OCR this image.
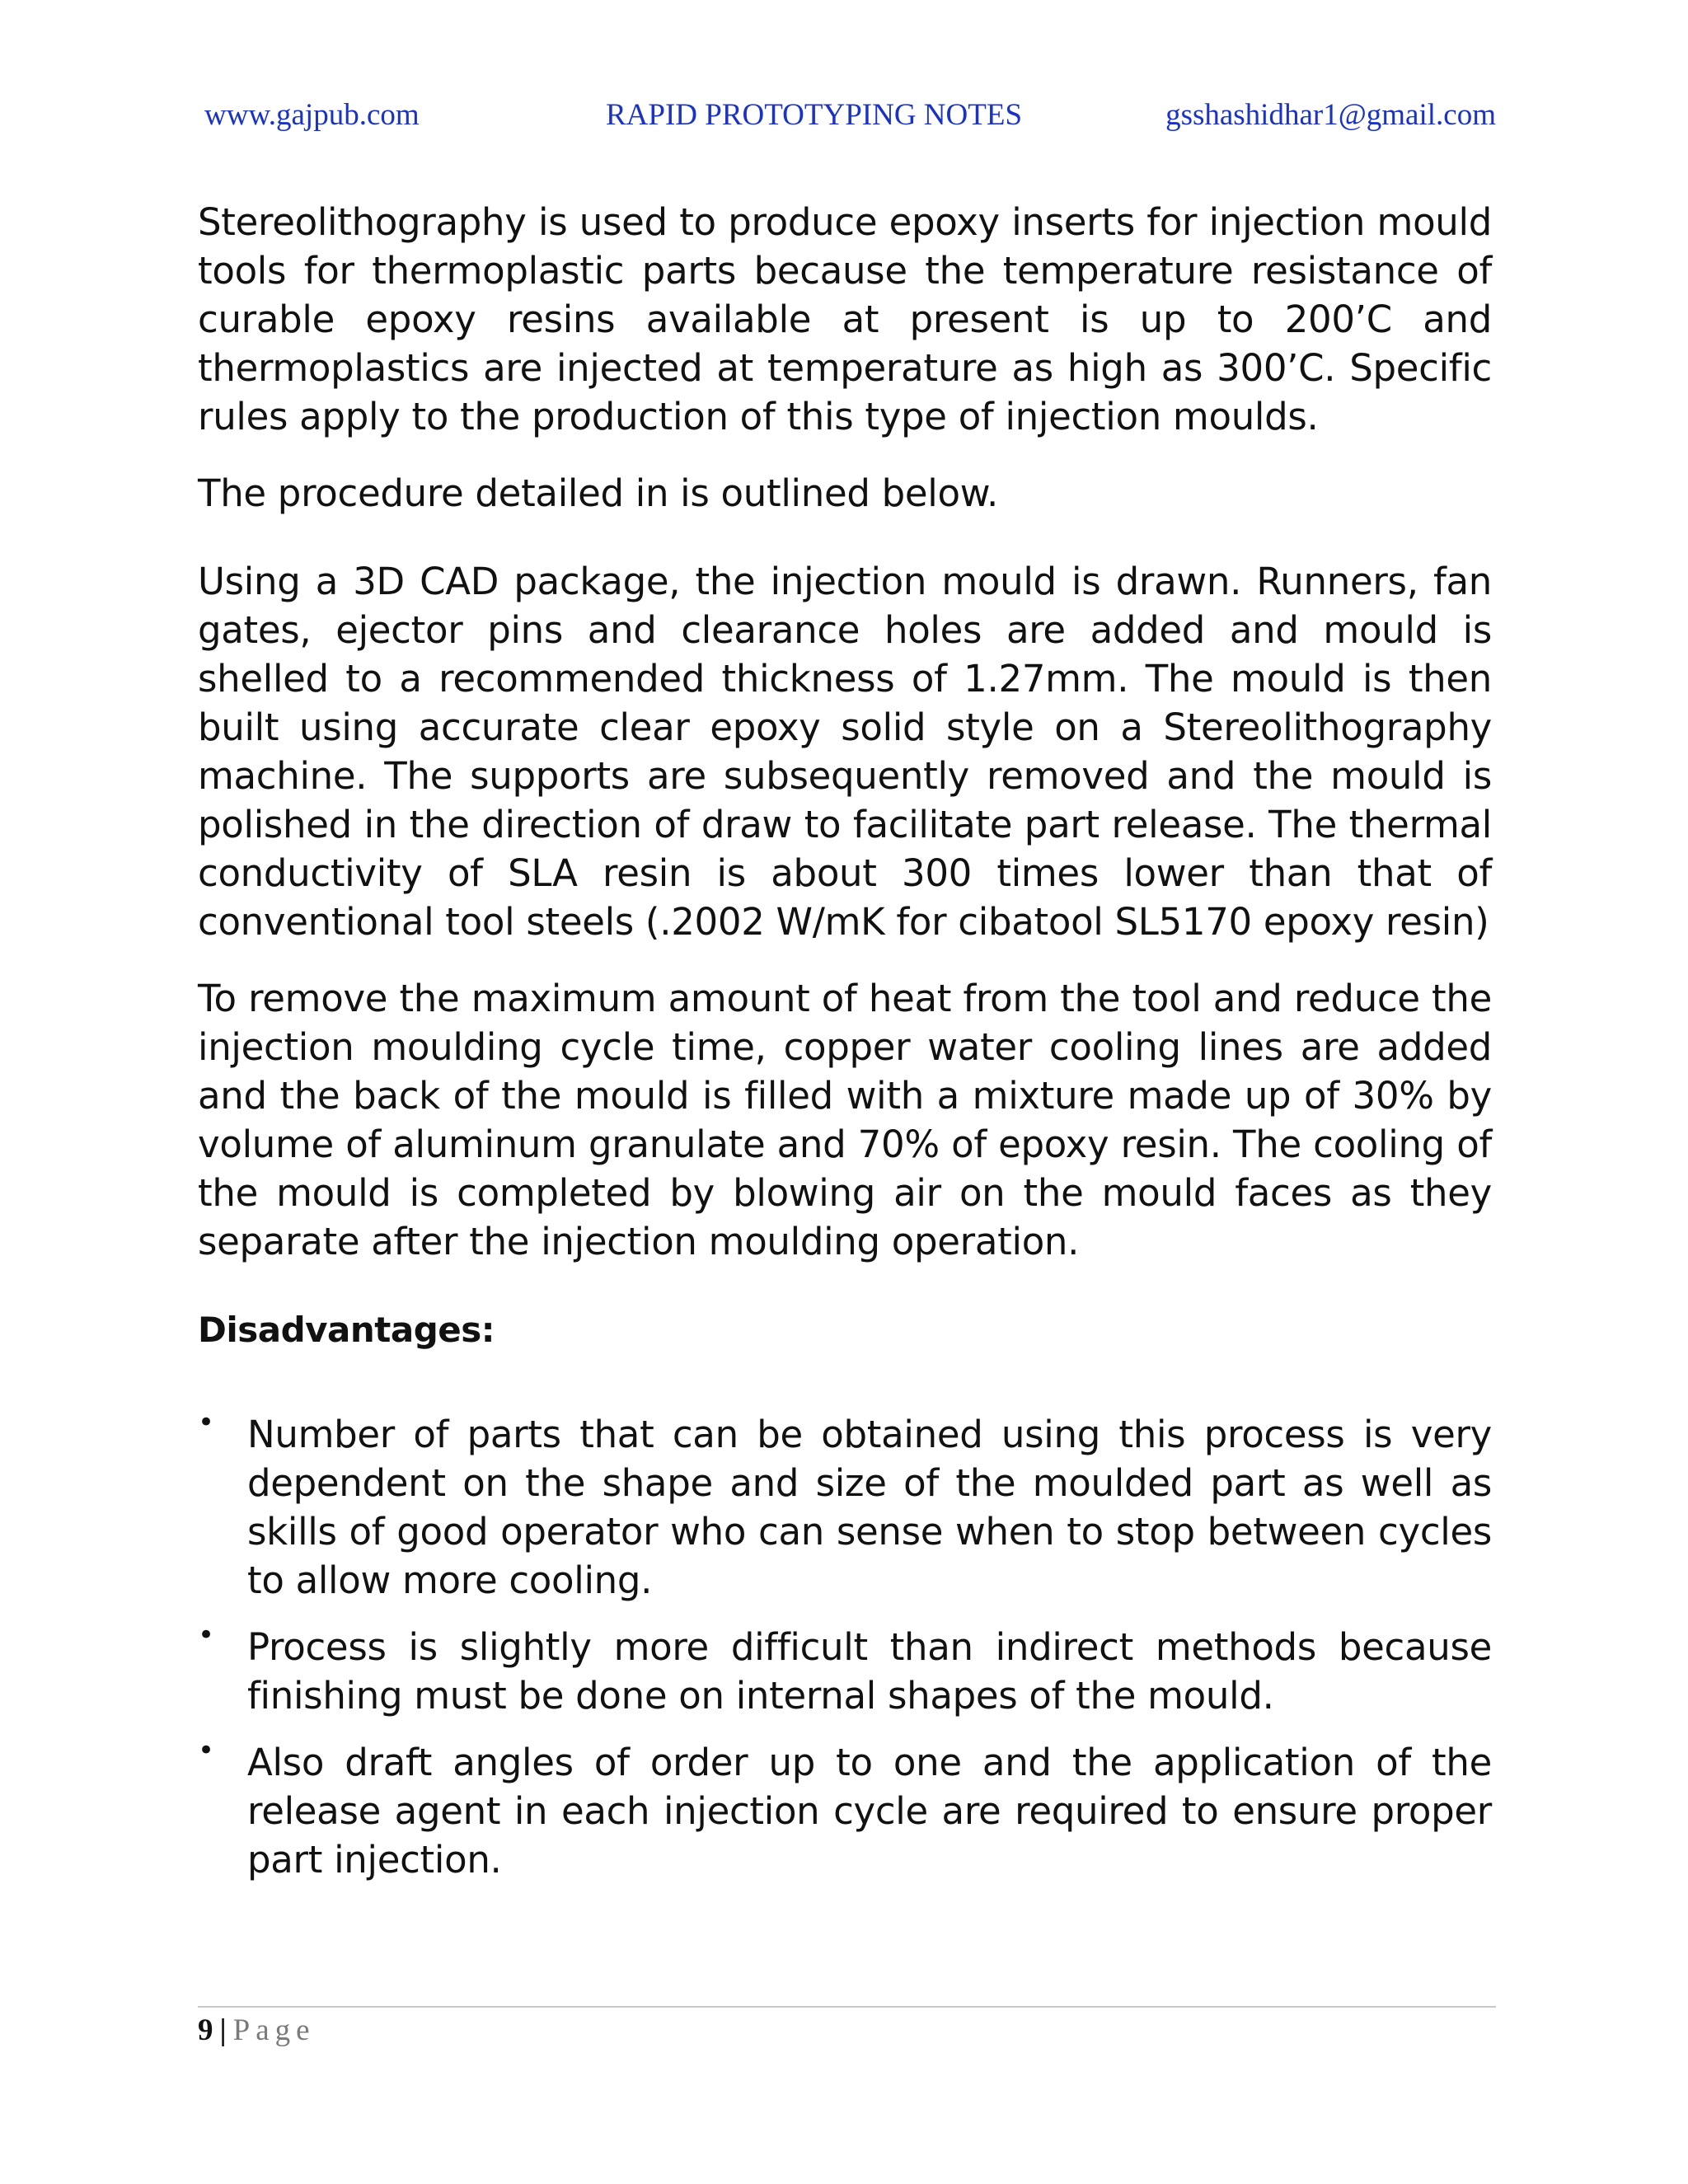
www.gajpub.com	RAPID PROTOTYPING NOTES	gsshashidhar1@gmail.com

Stereolithography is used to produce epoxy inserts for injection mould tools for thermoplastic parts because the temperature resistance of curable epoxy resins available at present is up to 200’C and thermoplastics are injected at temperature as high as 300’C. Specific rules apply to the production of this type of injection moulds.

The procedure detailed in is outlined below.

Using a 3D CAD package, the injection mould is drawn. Runners, fan gates, ejector pins and clearance holes are added and mould is shelled to a recommended thickness of 1.27mm. The mould is then built using accurate clear epoxy solid style on a Stereolithography machine. The supports are subsequently removed and the mould is polished in the direction of draw to facilitate part release. The thermal conductivity of SLA resin is about 300 times lower than that of conventional tool steels (.2002 W/mK for cibatool SL5170 epoxy resin)

To remove the maximum amount of heat from the tool and reduce the injection moulding cycle time, copper water cooling lines are added and the back of the mould is filled with a mixture made up of 30% by volume of aluminum granulate and 70% of epoxy resin. The cooling of the mould is completed by blowing air on the mould faces as they separate after the injection moulding operation.

Disadvantages:
• Number of parts that can be obtained using this process is very dependent on the shape and size of the moulded part as well as skills of good operator who can sense when to stop between cycles to allow more cooling.
• Process is slightly more difficult than indirect methods because finishing must be done on internal shapes of the mould.
• Also draft angles of order up to one and the application of the release agent in each injection cycle are required to ensure proper part injection.
9 | Page
